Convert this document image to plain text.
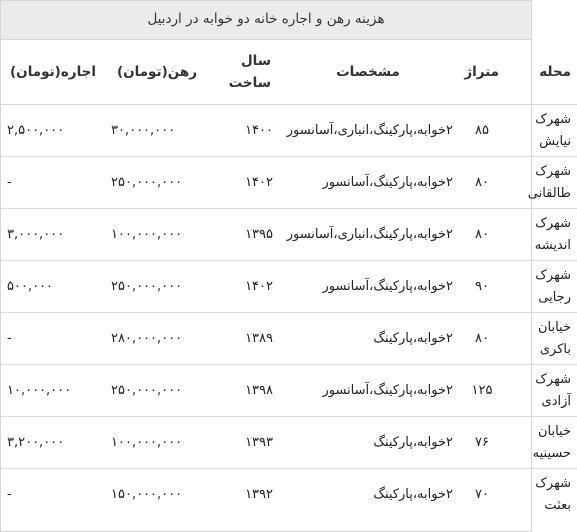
هزینه رهن و اجاره خانه دو خوابه در اردبیل
محله	متراژ	مشخصات	سال ساخت	رهن(تومان)	اجاره(تومان)
شهرک نیایش	۸۵	۲خوابه،پارکینگ،انباری،آسانسور	۱۴۰۰	۳۰,۰۰۰,۰۰۰	۲,۵۰۰,۰۰۰
شهرک طالقانی	۸۰	۲خوابه،پارکینگ،آسانسور	۱۴۰۲	۲۵۰,۰۰۰,۰۰۰	-
شهرک اندیشه	۸۰	۲خوابه،پارکینگ،انباری،آسانسور	۱۳۹۵	۱۰۰,۰۰۰,۰۰۰	۳,۰۰۰,۰۰۰
شهرک رجایی	۹۰	۲خوابه،پارکینگ،آسانسور	۱۴۰۲	۲۵۰,۰۰۰,۰۰۰	۵۰۰,۰۰۰
خیابان باکری	۸۰	۲خوابه،پارکینگ	۱۳۸۹	۲۸۰,۰۰۰,۰۰۰	-
شهرک آزادی	۱۲۵	۲خوابه،پارکینگ،آسانسور	۱۳۹۸	۲۵۰,۰۰۰,۰۰۰	۱۰,۰۰۰,۰۰۰
خیابان حسینیه	۷۶	۲خوابه،پارکینگ	۱۳۹۳	۱۰۰,۰۰۰,۰۰۰	۳,۲۰۰,۰۰۰
شهرک بعثت	۷۰	۲خوابه،پارکینگ	۱۳۹۲	۱۵۰,۰۰۰,۰۰۰	-
